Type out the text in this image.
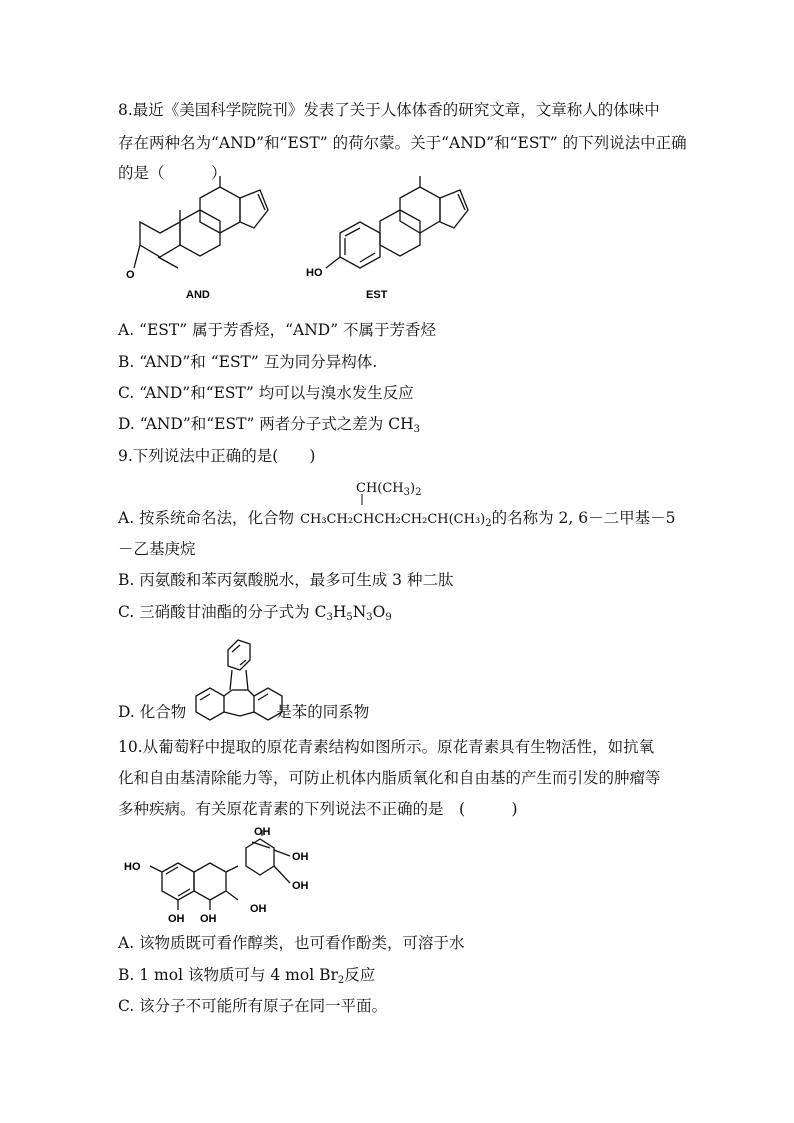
8.最近《美国科学院院刊》发表了关于人体体香的研究文章，文章称人的体味中
存在两种名为“AND”和“EST” 的荷尔蒙。关于“AND”和“EST” 的下列说法中正确
的是（　　　）
O
AND
HO
EST
A. “EST” 属于芳香烃，“AND” 不属于芳香烃
B. “AND”和 “EST” 互为同分异构体.
C. “AND”和“EST” 均可以与溴水发生反应
D. “AND”和“EST” 两者分子式之差为 $CH_3$
9.下列说法中正确的是(　　)
$CH(CH_3)_2$
A. 按系统命名法，化合物 $CH_3CH_2CHCH_2CH_2CH(CH_3)_2$的名称为 2, 6－二甲基－5
－乙基庚烷
B. 丙氨酸和苯丙氨酸脱水，最多可生成 3 种二肽
C. 三硝酸甘油酯的分子式为 $C_3H_5N_3O_9$
D. 化合物	是苯的同系物
10.从葡萄籽中提取的原花青素结构如图所示。原花青素具有生物活性，如抗氧
化和自由基清除能力等，可防止机体内脂质氧化和自由基的产生而引发的肿瘤等
多种疾病。有关原花青素的下列说法不正确的是　(　　　)
HO
OH
OH
OH
OH
OH OH
A. 该物质既可看作醇类，也可看作酚类，可溶于水
B. 1 mol 该物质可与 4 mol $Br_2$反应
C. 该分子不可能所有原子在同一平面。
